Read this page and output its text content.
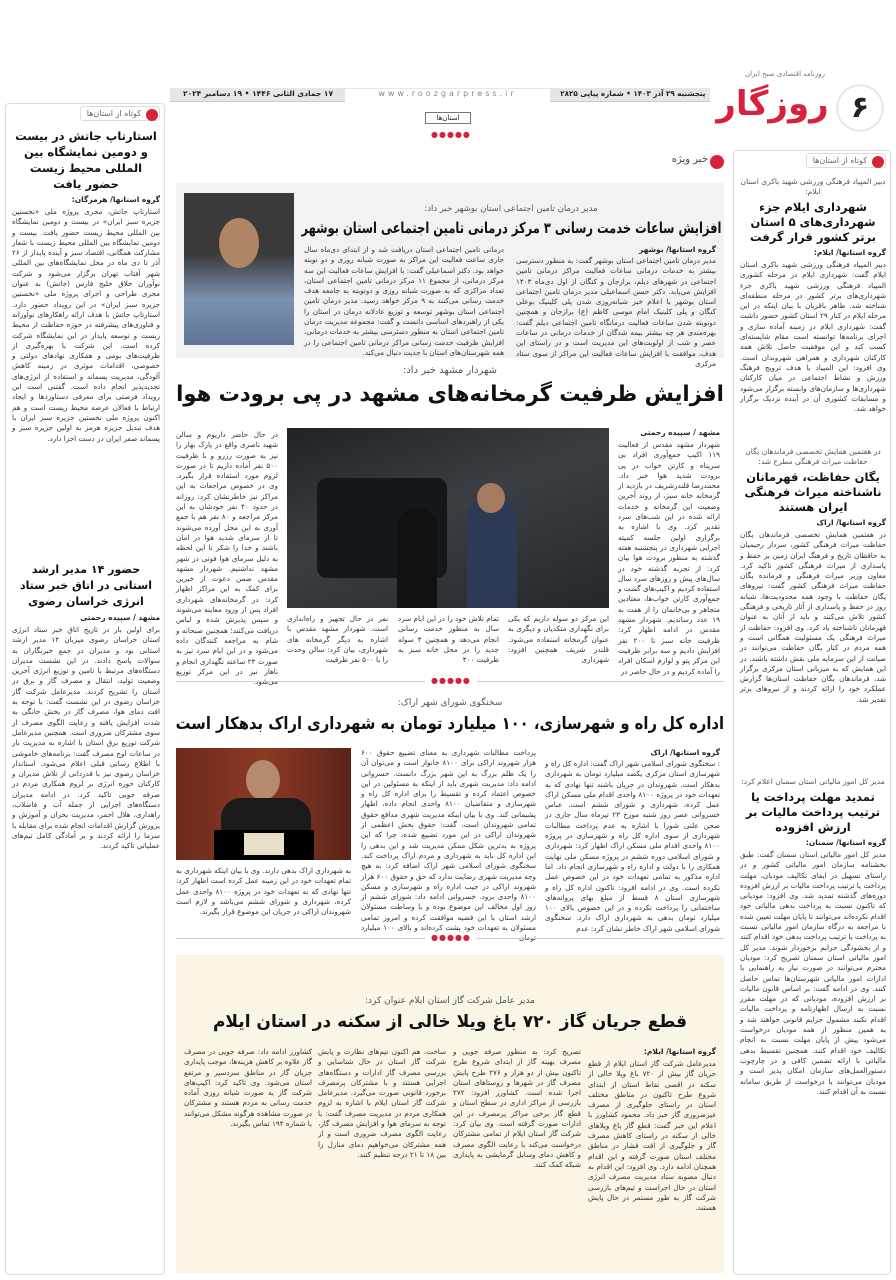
روزنامه اقتصادی صبح ایران
روزگار ۶
پنجشنبه ۲۹ آذر ۱۴۰۳ • شماره پیاپی ۲۸۲۵
www.roozgarpress.ir
۱۷ جمادی الثانی ۱۴۴۶ • ۱۹ دسامبر ۲۰۲۴
استان‌ها
●●●●●
کوتاه از استان‌ها
استارتاپ جاتش در بیست و دومین نمایشگاه بین المللی محیط زیست حضور یافت
گروه استانها/ هرمزگان:
استارتاپ جاتش، مجری پروژه ملی «نخستین جزیره سبز ایران» در بیست و دومین نمایشگاه بین المللی محیط زیست حضور یافت. بیست و دومین نمایشگاه بین المللی محیط زیست با شعار مشارکت همگانی، اقتصاد سبز و آینده پایدار از ۲۶ آذر تا دی ماه در محل نمایشگاه‌های بین المللی شهر آفتاب تهران برگزار می‌شود و شرکت نوآوران خلاق خلیج فارس (جاتش) به عنوان مجری طراحی و اجرای پروژه ملی «نخستین جزیره سبز ایران» در این رویداد حضور دارد. استارتاپ جاتش با هدف ارائه راهکارهای نوآورانه و فناوری‌های پیشرفته در حوزه حفاظت از محیط زیست و توسعه پایدار در این نمایشگاه شرکت کرده است. این شرکت با بهره‌گیری از ظرفیت‌های بومی و همکاری نهادهای دولتی و خصوصی، اقدامات موثری در زمینه کاهش آلودگی، مدیریت پسماند و استفاده از انرژی‌های تجدیدپذیر انجام داده است. گفتنی است این رویداد فرصتی برای معرفی دستاوردها و ایجاد ارتباط با فعالان عرصه محیط زیست است و هم اکنون پروژه ملی نخستین جزیره سبز ایران با هدف تبدیل جزیره هرمز به اولین جزیره سبز و پسماند صفر ایران در دست اجرا دارد.
حضور ۱۴ مدیر ارشد استانی در اتاق خبر ستاد انرژی خراسان رضوی
مشهد / سپیده رحمتی
برای اولین بار در تاریخ اتاق خبر ستاد انرژی استان خراسان رضوی میزبان ۱۴ مدیر ارشد استانی بود و مدیران در جمع خبرنگاران به سوالات پاسخ دادند. در این نشست مدیران دستگاه‌های مرتبط با تامین و توزیع انرژی آخرین وضعیت تولید، انتقال و مصرف گاز و برق در استان را تشریح کردند. مدیرعامل شرکت گاز خراسان رضوی در این نشست گفت: با توجه به افت دمای هوا، مصرف گاز در بخش خانگی به شدت افزایش یافته و رعایت الگوی مصرف از سوی مشترکان ضروری است. همچنین مدیرعامل شرکت توزیع برق استان با اشاره به مدیریت بار در ساعات اوج مصرف گفت: برنامه‌های خاموشی با اطلاع رسانی قبلی اعلام می‌شود. استاندار خراسان رضوی نیز با قدردانی از تلاش مدیران و کارکنان حوزه انرژی بر لزوم همکاری مردم در صرفه جویی تاکید کرد. در ادامه مدیران دستگاه‌های اجرایی از جمله آب و فاضلاب، راهداری، هلال احمر، مدیریت بحران و آموزش و پرورش گزارش اقدامات انجام شده برای مقابله با سرما را ارائه کردند و بر آمادگی کامل تیم‌های عملیاتی تاکید کردند.
کوتاه از استان‌ها
دبیر المپیاد فرهنگی ورزشی شهید باکری استان ایلام:
شهرداری ایلام جزء شهرداری‌های ۵ استان برتر کشور قرار گرفت
گروه استانها/ ایلام:
دبیر المپیاد فرهنگی ورزشی شهید باکری استان ایلام گفت: شهرداری ایلام در مرحله کشوری المپیاد فرهنگی ورزشی شهید باکری جزء شهرداری‌های برتر کشور در مرحله منطقه‌ای شناخته شد. طاهر باقریان با بیان اینکه در این مرحله ایلام در کنار ۲۹ استان کشور حضور داشت گفت: شهرداری ایلام در زمینه آماده سازی و اجرای برنامه‌ها توانسته است مقام شایسته‌ای کسب کند و این موفقیت حاصل تلاش همه کارکنان شهرداری و همراهی شهروندان است. وی افزود: این المپیاد با هدف ترویج فرهنگ ورزش و نشاط اجتماعی در میان کارکنان شهرداری‌ها و سازمان‌های وابسته برگزار می‌شود و مسابقات کشوری آن در آینده نزدیک برگزار خواهد شد.
در هفتمین همایش تخصصی فرماندهان یگان حفاظت میراث فرهنگی مطرح شد:
یگان حفاظت، قهرمانان ناشناخته میراث فرهنگی ایران هستند
گروه استانها/ اراک
در هفتمین همایش تخصصی فرماندهان یگان حفاظت میراث فرهنگی کشور، سردار رحیمیان به حافظان تاریخ و فرهنگ ایران زمین بر حفظ و پاسداری از میراث فرهنگی کشور تاکید کرد. معاون وزیر میراث فرهنگی و فرمانده یگان حفاظت میراث فرهنگی کشور گفت: نیروهای یگان حفاظت با وجود همه محدودیت‌ها، شبانه روز در حفظ و پاسداری از آثار تاریخی و فرهنگی کشور تلاش می‌کنند و باید از آنان به عنوان قهرمانان ناشناخته یاد کرد. وی افزود: حفاظت از میراث فرهنگی یک مسئولیت همگانی است و همه مردم در کنار یگان حفاظت می‌توانند در صیانت از این سرمایه ملی نقش داشته باشند. در این همایش که به میزبانی استان مرکزی برگزار شد، فرماندهان یگان حفاظت استان‌ها گزارش عملکرد خود را ارائه کردند و از نیروهای برتر تقدیر شد.
مدیر کل امور مالیاتی استان سمنان اعلام کرد:
تمدید مهلت پرداخت یا ترتیب پرداخت مالیات بر ارزش افزوده
گروه استانها/ سمنان:
مدیر کل امور مالیاتی استان سمنان گفت: طبق بخشنامه سازمان امور مالیاتی کشور و در راستای تسهیل در ایفای تکالیف مودیان، مهلت پرداخت یا ترتیب پرداخت مالیات بر ارزش افزوده دوره‌های گذشته تمدید شد. وی افزود: مودیانی که تاکنون نسبت به پرداخت بدهی مالیاتی خود اقدام نکرده‌اند می‌توانند تا پایان مهلت تعیین شده با مراجعه به درگاه سازمان امور مالیاتی نسبت به پرداخت یا ترتیب پرداخت بدهی خود اقدام کنند و از بخشودگی جرایم برخوردار شوند. مدیر کل امور مالیاتی استان سمنان تصریح کرد: مودیان محترم می‌توانند در صورت نیاز به راهنمایی با ادارات امور مالیاتی شهرستان‌ها تماس حاصل کنند. وی در ادامه گفت: بر اساس قانون مالیات بر ارزش افزوده، مودیانی که در مهلت مقرر نسبت به ارسال اظهارنامه و پرداخت مالیات اقدام نکنند مشمول جرایم قانونی خواهند شد و به همین منظور از همه مودیان درخواست می‌شود پیش از پایان مهلت نسبت به انجام تکالیف خود اقدام کنند. همچنین تقسیط بدهی مالیاتی با ارائه تضمین کافی و در چارچوب دستورالعمل‌های سازمان امکان پذیر است و مودیان می‌توانند با درخواست از طریق سامانه نسبت به آن اقدام کنند.
خبر ویژه
مدیر درمان تامین اجتماعی استان بوشهر خبر داد:
افزایش ساعات خدمت رسانی ۳ مرکز درمانی تامین اجتماعی استان بوشهر
گروه استانها/ بوشهر
مدیر درمان تامین اجتماعی استان بوشهر گفت: به منظور دسترسی بیشتر به خدمات درمانی ساعات فعالیت مراکز درمانی تامین اجتماعی در شهرهای دیلم، برازجان و کنگان از اول دی‌ماه ۱۴۰۳ افزایش می‌یابد. دکتر حسن اسماعیلی مدیر درمان تامین اجتماعی استان بوشهر با اعلام خبر شبانه‌روزی شدن پلی کلینیک بوعلی کنگان و پلی کلینیک امام موسی کاظم (ع) برازجان و همچنین دونوبته شدن ساعات فعالیت درمانگاه تامین اجتماعی دیلم گفت: بهره‌مندی هر چه بیشتر بیمه شدگان از خدمات درمانی در ساعات عصر و شب از اولویت‌های این مدیریت است و در راستای این هدف، موافقت با افزایش ساعات فعالیت این مراکز از سوی ستاد مرکزی
درمانی تامین اجتماعی استان دریافت شد و از ابتدای دی‌ماه سال جاری ساعت فعالیت این مراکز به صورت شبانه روزی و دو نوبته خواهد بود. دکتر اسماعیلی گفت: با افزایش ساعات فعالیت این سه مرکز درمانی، از مجموع ۱۱ مرکز درمانی تامین اجتماعی استان، تعداد مراکزی که به صورت شبانه روزی و دونوبته به جامعه هدف خدمت رسانی می‌کنند به ۹ مرکز خواهد رسید. مدیر درمان تامین اجتماعی استان بوشهر توسعه و توزیع عادلانه درمان در استان را یکی از راهبردهای اساسی دانست و گفت: مجموعه مدیریت درمان تامین اجتماعی استان به منظور دسترسی بیشتر به خدمات درمانی، افزایش ظرفیت خدمت رسانی مراکز درمانی تامین اجتماعی را در همه شهرستان‌های استان با جدیت دنبال می‌کند.
شهردار مشهد خبر داد:
افزایش ظرفیت گرمخانه‌های مشهد در پی برودت هوا
مشهد / سپیده رحمتی
شهردار مشهد مقدس از فعالیت ۱۱۹ اکیپ جمع‌آوری افراد بی سرپناه و کارتن خواب در پی برودت شدید هوا خبر داد. محمدرضا قلندرشریف در بازدید از گرمخانه خانه سبز، از روند آخرین وضعیت این گرمخانه و خدمات ارائه شده در این شب‌های سرد تقدیر کرد. وی با اشاره به برگزاری اولین جلسه کمیته اجرایی شهرداری در پنجشنبه هفته گذشته به منظور برودت هوا بیان کرد: از تجربه گذشته خود در سال‌های پیش و روزهای سرد سال استفاده کردیم و اکیپ‌های گشت و جمع‌آوری کارتن خواب‌ها، معتادین متجاهر و بی‌خانمان را از هفت به ۱۹ عدد رساندیم. شهردار مشهد مقدس در ادامه اظهار کرد: ظرفیت خانه سبز تا ۲۰۰ نفر افزایش دادیم و سه برابر ظرفیت این مرکز پتو و لوازم اسکان افراد را آماده کردیم و در حال حاضر در
این مرکز دو سوله داریم که یکی برای نگهداری متکدیان و دیگری به عنوان گرمخانه استفاده می‌شود. قلندر شریف همچنین افزود: شهرداری
تمام تلاش خود را در این ایام سرد سال به منظور خدمت رسانی انجام می‌دهد و همچنین ۴ سوله جدید را در محل خانه سبز به ظرفیت ۴۰۰
نفر در حال تجهیز و راه‌اندازی است. شهردار مشهد مقدس با اشاره به دیگر گرمخانه های شهرداری، بیان کرد: سالن وحدت را با ۵۰۰ نفر ظرفیت
در حال حاضر داریوم و سالن شهید ناصری واقع در پارک بهار را نیز به صورت رزرو و با ظرفیت ۵۰۰ نفر آماده داریم تا در صورت لزوم مورد استفاده قرار بگیرد. وی در خصوص مراجعات به این مراکز نیز خاطرنشان کرد: روزانه در حدود ۴۰ نفر خودشان به این مرکز مراجعه و ۸۰ نفر هم با جمع آوری به این محل آورده می‌شوند تا از سرمای شدید هوا در امان باشند و خدا را شکر تا این لحظه به دلیل سرمای هوا فوتی در شهر مشهد نداشتیم. شهردار مشهد مقدس ضمن دعوت از خیرین برای کمک به این مراکز اظهار کرد: در گرمخانه‌های شهرداری افراد پس از ورود معاینه می‌شوند و سپس پذیرش شده و لباس دریافت می‌کنند؛ همچنین صبحانه و شام به مراجعه کنندگان داده می‌شود و در این ایام سرد نیز به صورت ۲۴ ساعته نگهداری انجام و ناهار نیز در این مرکز توزیع
●●●●●
سخنگوی شورای شهر اراک:
اداره کل راه و شهرسازی، ۱۰۰ میلیارد تومان به شهرداری اراک بدهکار است
گروه استانها/ اراک
: سخنگوی شورای اسلامی شهر اراک گفت: اداره کل راه و شهرسازی استان مرکزی یکصد میلیارد تومان به شهرداری بدهکار است. شهروندان در جریان باشند تنها نهادی که به تعهدات خود در پروژه ۸۱۰۰ واحدی اقدام ملی مسکن اراک عمل کرده، شهرداری و شورای ششم است. عباس خسروانی عصر روز شنبه مورخ ۲۳ تیرماه سال جاری در صحن علنی شورا با اشاره به عدم پرداخت مطالبات شهرداری از سوی اداره کل راه و شهرسازی در پروژه ۸۱۰۰ واحدی اقدام ملی مسکن اراک اظهار کرد: شهرداری و شورای اسلامی دوره ششم در پروژه مسکن ملی نهایت همکاری را با دولت و اداره راه و شهرسازی انجام داد. اما اداره مذکور به تمامی تعهدات خود در این خصوص عمل نکرده است. وی در ادامه افزود: تاکنون اداره کل راه و شهرسازی استان ۸ قسط از مبلغ بهای پروانه‌های ساختمانی را پرداخت نکرده و در این خصوص بالای ۱۰۰ میلیارد تومان بدهی به شهرداری اراک دارد. سخنگوی شورای اسلامی شهر اراک خاطر نشان کرد: عدم
پرداخت مطالبات شهرداری به معنای تضییع حقوق ۶۰۰ هزار شهروند اراکی برای ۸۱۰۰ خانوار است و می‌توان آن را یک ظلم بزرگ به این شهر بزرگ دانست. خسروانی ادامه داد: مدیریت شهری باید از اینکه به مسئولین در این خصوص اعتماد کرده و تقسیط را برای اداره کل راه و شهرسازی و متقاضیان ۸۱۰۰ واحدی انجام داده، اظهار پشیمانی کند. وی با بیان اینکه مدیریت شهری مدافع حقوق تمامی شهروندان است، گفت: حقوق بخش اعظمی از شهروندان اراکی در این مورد تضییع شده، چرا که این پروژه به بدترین شکل ممکن مدیریت شد و این بدهی را این اداره کل باید به شهرداری و مردم اراک پرداخت کند. سخنگوی شورای اسلامی شهر اراک اضافه کرد: به هیچ وجه مدیریت شهری رضایت ندارد که حق و حقوق ۶۰۰ هزار شهروند اراکی در جیب اداره راه و شهرسازی و مسکن ۸۱۰۰ واحدی برود. خسروانی ادامه داد: شورای ششم از روز اول مخالف این موضوع بوده و با وساطت مسئولان ارشد استان با این قضیه موافقت کرده و امروز تمامی مسئولان به تعهدات خود پشت کرده‌اند و بالای ۱۰۰ میلیارد
به شهرداری اراک بدهی دارند. وی با بیان اینکه شهرداری به تمام تعهدات خود در این زمینه عمل کرده است اظهار کرد: تنها نهادی که به تعهدات خود در پروژه ۸۱۰۰ واحدی عمل کرده، شهرداری و شورای ششم می‌باشد و لازم است شهروندان اراکی در جریان این موضوع قرار بگیرند.
●●●●●
مدیر عامل شرکت گاز استان ایلام عنوان کرد:
قطع جریان گاز ۷۲۰ باغ ویلا خالی از سکنه در استان ایلام
گروه استانها/ ایلام:
مدیرعامل شرکت گاز استان ایلام از قطع جریان گاز بیش از ۷۲۰ باغ ویلا خالی از سکنه در اقصی نقاط استان از ابتدای شروع طرح تاکنون در مناطق مختلف استان در راستای جلوگیری از مصرف غیرضروری گاز خبر داد. محمود کشاورز با اعلام این خبر گفت: قطع گاز باغ ویلاهای خالی از سکنه در راستای کاهش مصرف گاز و جلوگیری از افت فشار در مناطق مختلف استان صورت گرفته و این اقدام همچنان ادامه دارد. وی افزود: این اقدام به دنبال مصوبه ستاد مدیریت مصرف انرژی استان در حال اجراست و تیم‌های بازرسی شرکت گاز به طور مستمر در حال پایش هستند.
تصریح کرد: به منظور صرفه جویی و مصرف بهینه گاز از ابتدای شروع طرح تاکنون بیش از دو هزار و ۲۷۶ طرح پایش مصرف گاز در شهرها و روستاهای استان اجرا شده است. کشاورز افزود: ۲۷۲ بازرسی از مراکز اداری در سطح استان و قطع گاز برخی مراکز پرمصرف در این ادارات صورت گرفته است. وی بیان کرد: شرکت گاز استان ایلام از تمامی مشترکان درخواست می‌کند با رعایت الگوی مصرف و کاهش دمای وسایل گرمایشی به پایداری شبکه کمک کنند.
ساخت. هم اکنون تیم‌های نظارت و پایش شرکت گاز استان در حال شناسایی و بررسی مصرف گاز ادارات و دستگاه‌های اجرایی هستند و با مشترکان پرمصرف برخورد قانونی صورت می‌گیرد. مدیرعامل شرکت گاز استان ایلام با اشاره به لزوم همکاری مردم در مدیریت مصرف گفت: با توجه به سرمای هوا و افزایش مصرف گاز، رعایت الگوی مصرف ضروری است و از همه مشترکان می‌خواهیم دمای منازل را بین ۱۸ تا ۲۱ درجه تنظیم کنند.
کشاورز ادامه داد: صرفه جویی در مصرف گاز علاوه بر کاهش هزینه‌ها، موجب پایداری جریان گاز در مناطق سردسیر و مرتفع استان می‌شود. وی تاکید کرد: اکیپ‌های شرکت گاز به صورت شبانه روزی آماده خدمت رسانی به مردم هستند و مشترکان در صورت مشاهده هرگونه مشکل می‌توانند با شماره ۱۹۴ تماس بگیرند.
